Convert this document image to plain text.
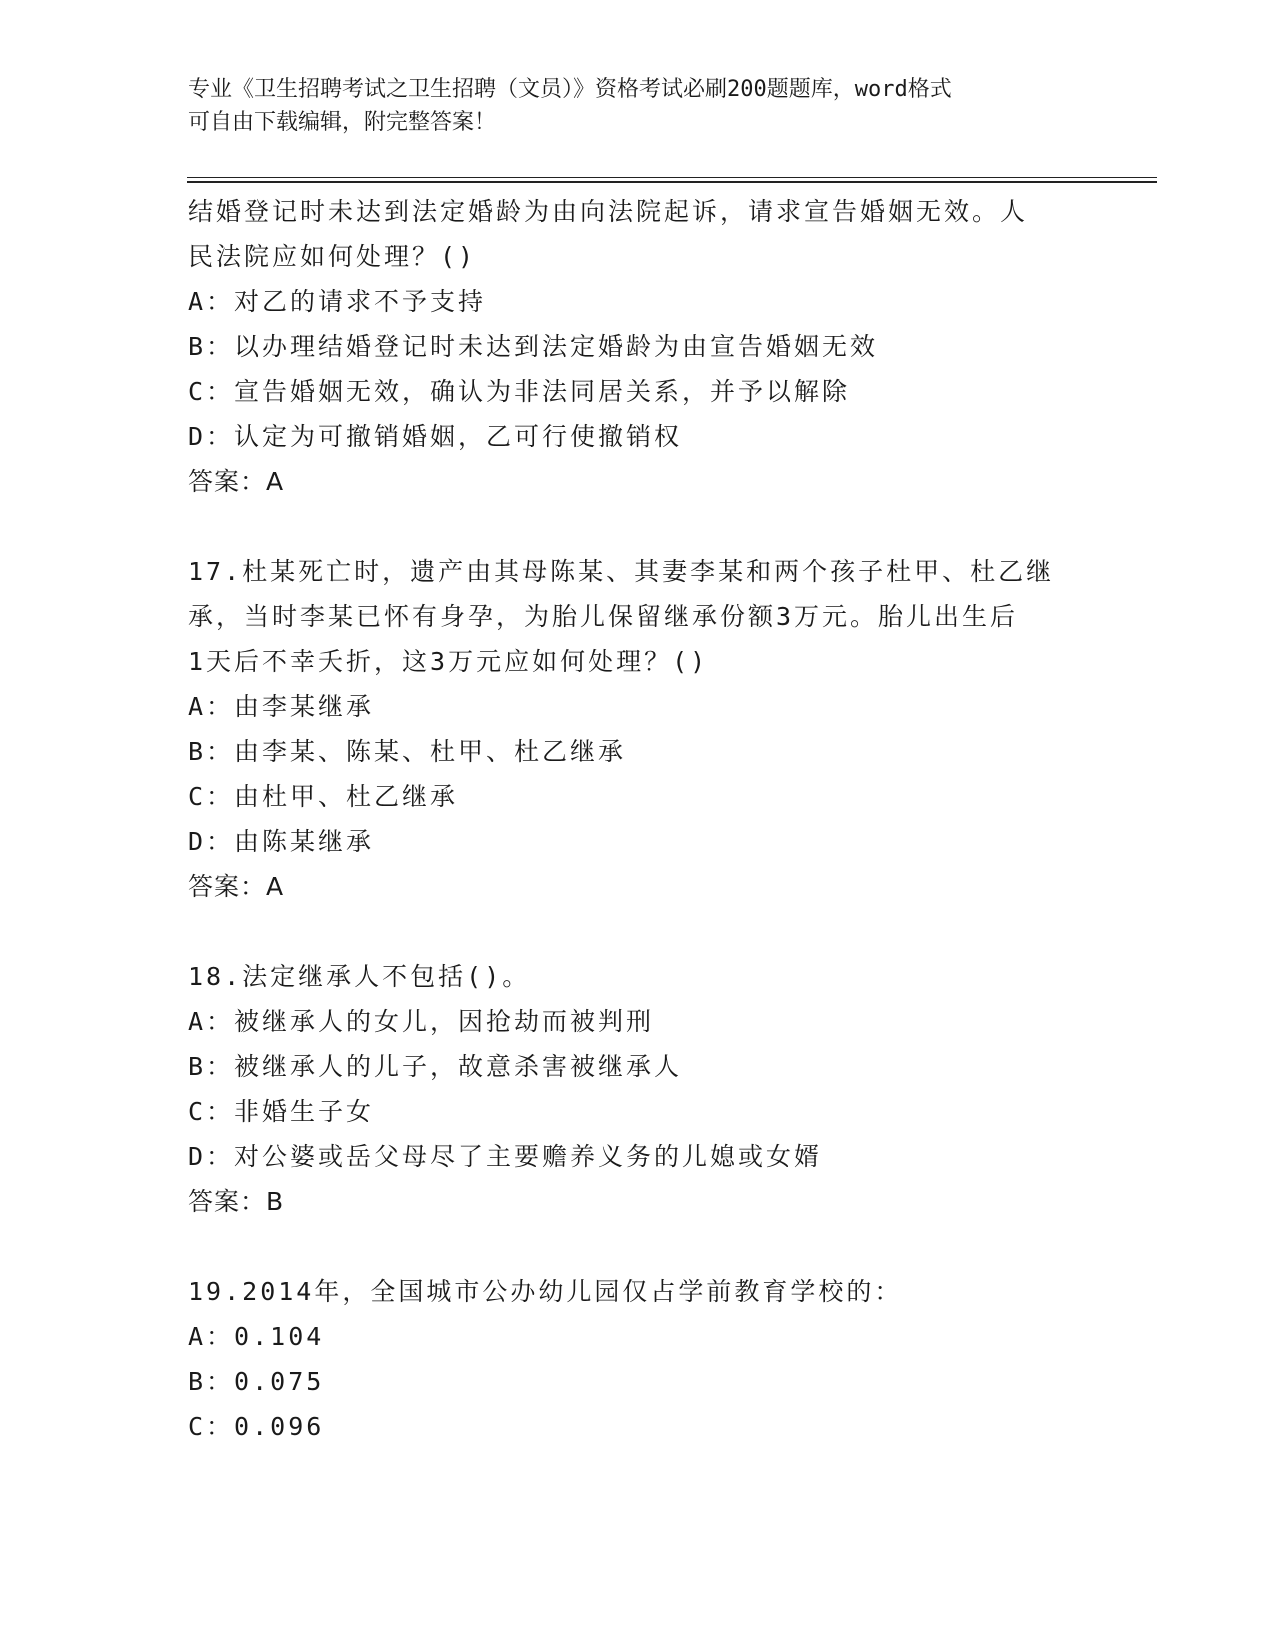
专业《卫生招聘考试之卫生招聘（文员）》资格考试必刷200题题库，word格式
可自由下载编辑，附完整答案！
结婚登记时未达到法定婚龄为由向法院起诉，请求宣告婚姻无效。人
民法院应如何处理？()
A：对乙的请求不予支持
B：以办理结婚登记时未达到法定婚龄为由宣告婚姻无效
C：宣告婚姻无效，确认为非法同居关系，并予以解除
D：认定为可撤销婚姻，乙可行使撤销权
答案：A
17.杜某死亡时，遗产由其母陈某、其妻李某和两个孩子杜甲、杜乙继
承，当时李某已怀有身孕，为胎儿保留继承份额3万元。胎儿出生后
1天后不幸夭折，这3万元应如何处理？()
A：由李某继承
B：由李某、陈某、杜甲、杜乙继承
C：由杜甲、杜乙继承
D：由陈某继承
答案：A
18.法定继承人不包括()。
A：被继承人的女儿，因抢劫而被判刑
B：被继承人的儿子，故意杀害被继承人
C：非婚生子女
D：对公婆或岳父母尽了主要赡养义务的儿媳或女婿
答案：B
19.2014年，全国城市公办幼儿园仅占学前教育学校的：
A：0.104
B：0.075
C：0.096
